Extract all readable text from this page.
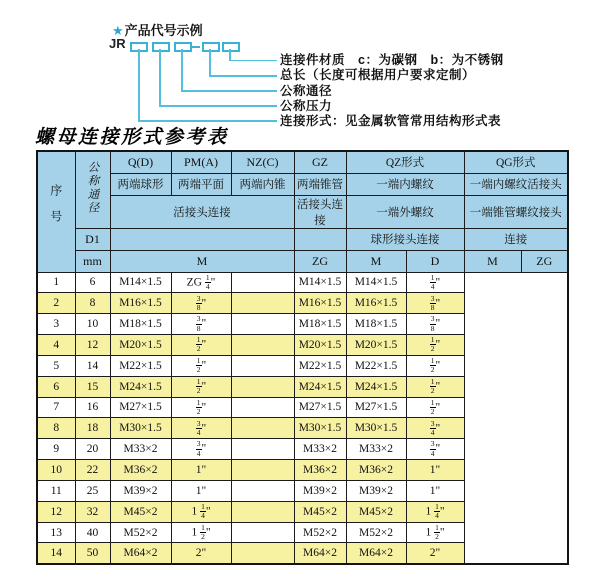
★产品代号示例
JR
连接件材质　c：为碳钢　b：为不锈钢
总长（长度可根据用户要求定制）
公称通径
公称压力
连接形式：见金属软管常用结构形式表
螺母连接形式参考表
序号	公称通径	Q(D)	PM(A)	NZ(C)	GZ	QZ形式		QG形式	
		两端球形	两端平面	两端内锥	两端锥管	一端内螺纹		一端内螺纹活接头	
		活接头连接			活接头连接	一端外螺纹		一端锥管螺纹接头	
	D1					球形接头连接		连接	
	mm	M			ZG	M	D	M	ZG
1	6	M14×1.5	ZG $\frac{1}{4}$ "		M14×1.5	M14×1.5	$\frac{1}{4}$ "		
2	8	M16×1.5	$\frac{3}{8}$ "		M16×1.5	M16×1.5	$\frac{3}{8}$ "		
3	10	M18×1.5	$\frac{3}{8}$ "		M18×1.5	M18×1.5	$\frac{3}{8}$ "		
4	12	M20×1.5	$\frac{1}{2}$ "		M20×1.5	M20×1.5	$\frac{1}{2}$ "		
5	14	M22×1.5	$\frac{1}{2}$ "		M22×1.5	M22×1.5	$\frac{1}{2}$ "		
6	15	M24×1.5	$\frac{1}{2}$ "		M24×1.5	M24×1.5	$\frac{1}{2}$ "		
7	16	M27×1.5	$\frac{1}{2}$ "		M27×1.5	M27×1.5	$\frac{1}{2}$ "		
8	18	M30×1.5	$\frac{3}{4}$ "		M30×1.5	M30×1.5	$\frac{3}{4}$ "		
9	20	M33×2	$\frac{3}{4}$ "		M33×2	M33×2	$\frac{3}{4}$ "		
10	22	M36×2	1"		M36×2	M36×2	1"		
11	25	M39×2	1"		M39×2	M39×2	1"		
12	32	M45×2	$1 \frac{1}{4}$ "		M45×2	M45×2	$1 \frac{1}{4}$ "		
13	40	M52×2	$1 \frac{1}{2}$ "		M52×2	M52×2	$1 \frac{1}{2}$ "		
14	50	M64×2	2"		M64×2	M64×2	2"		
